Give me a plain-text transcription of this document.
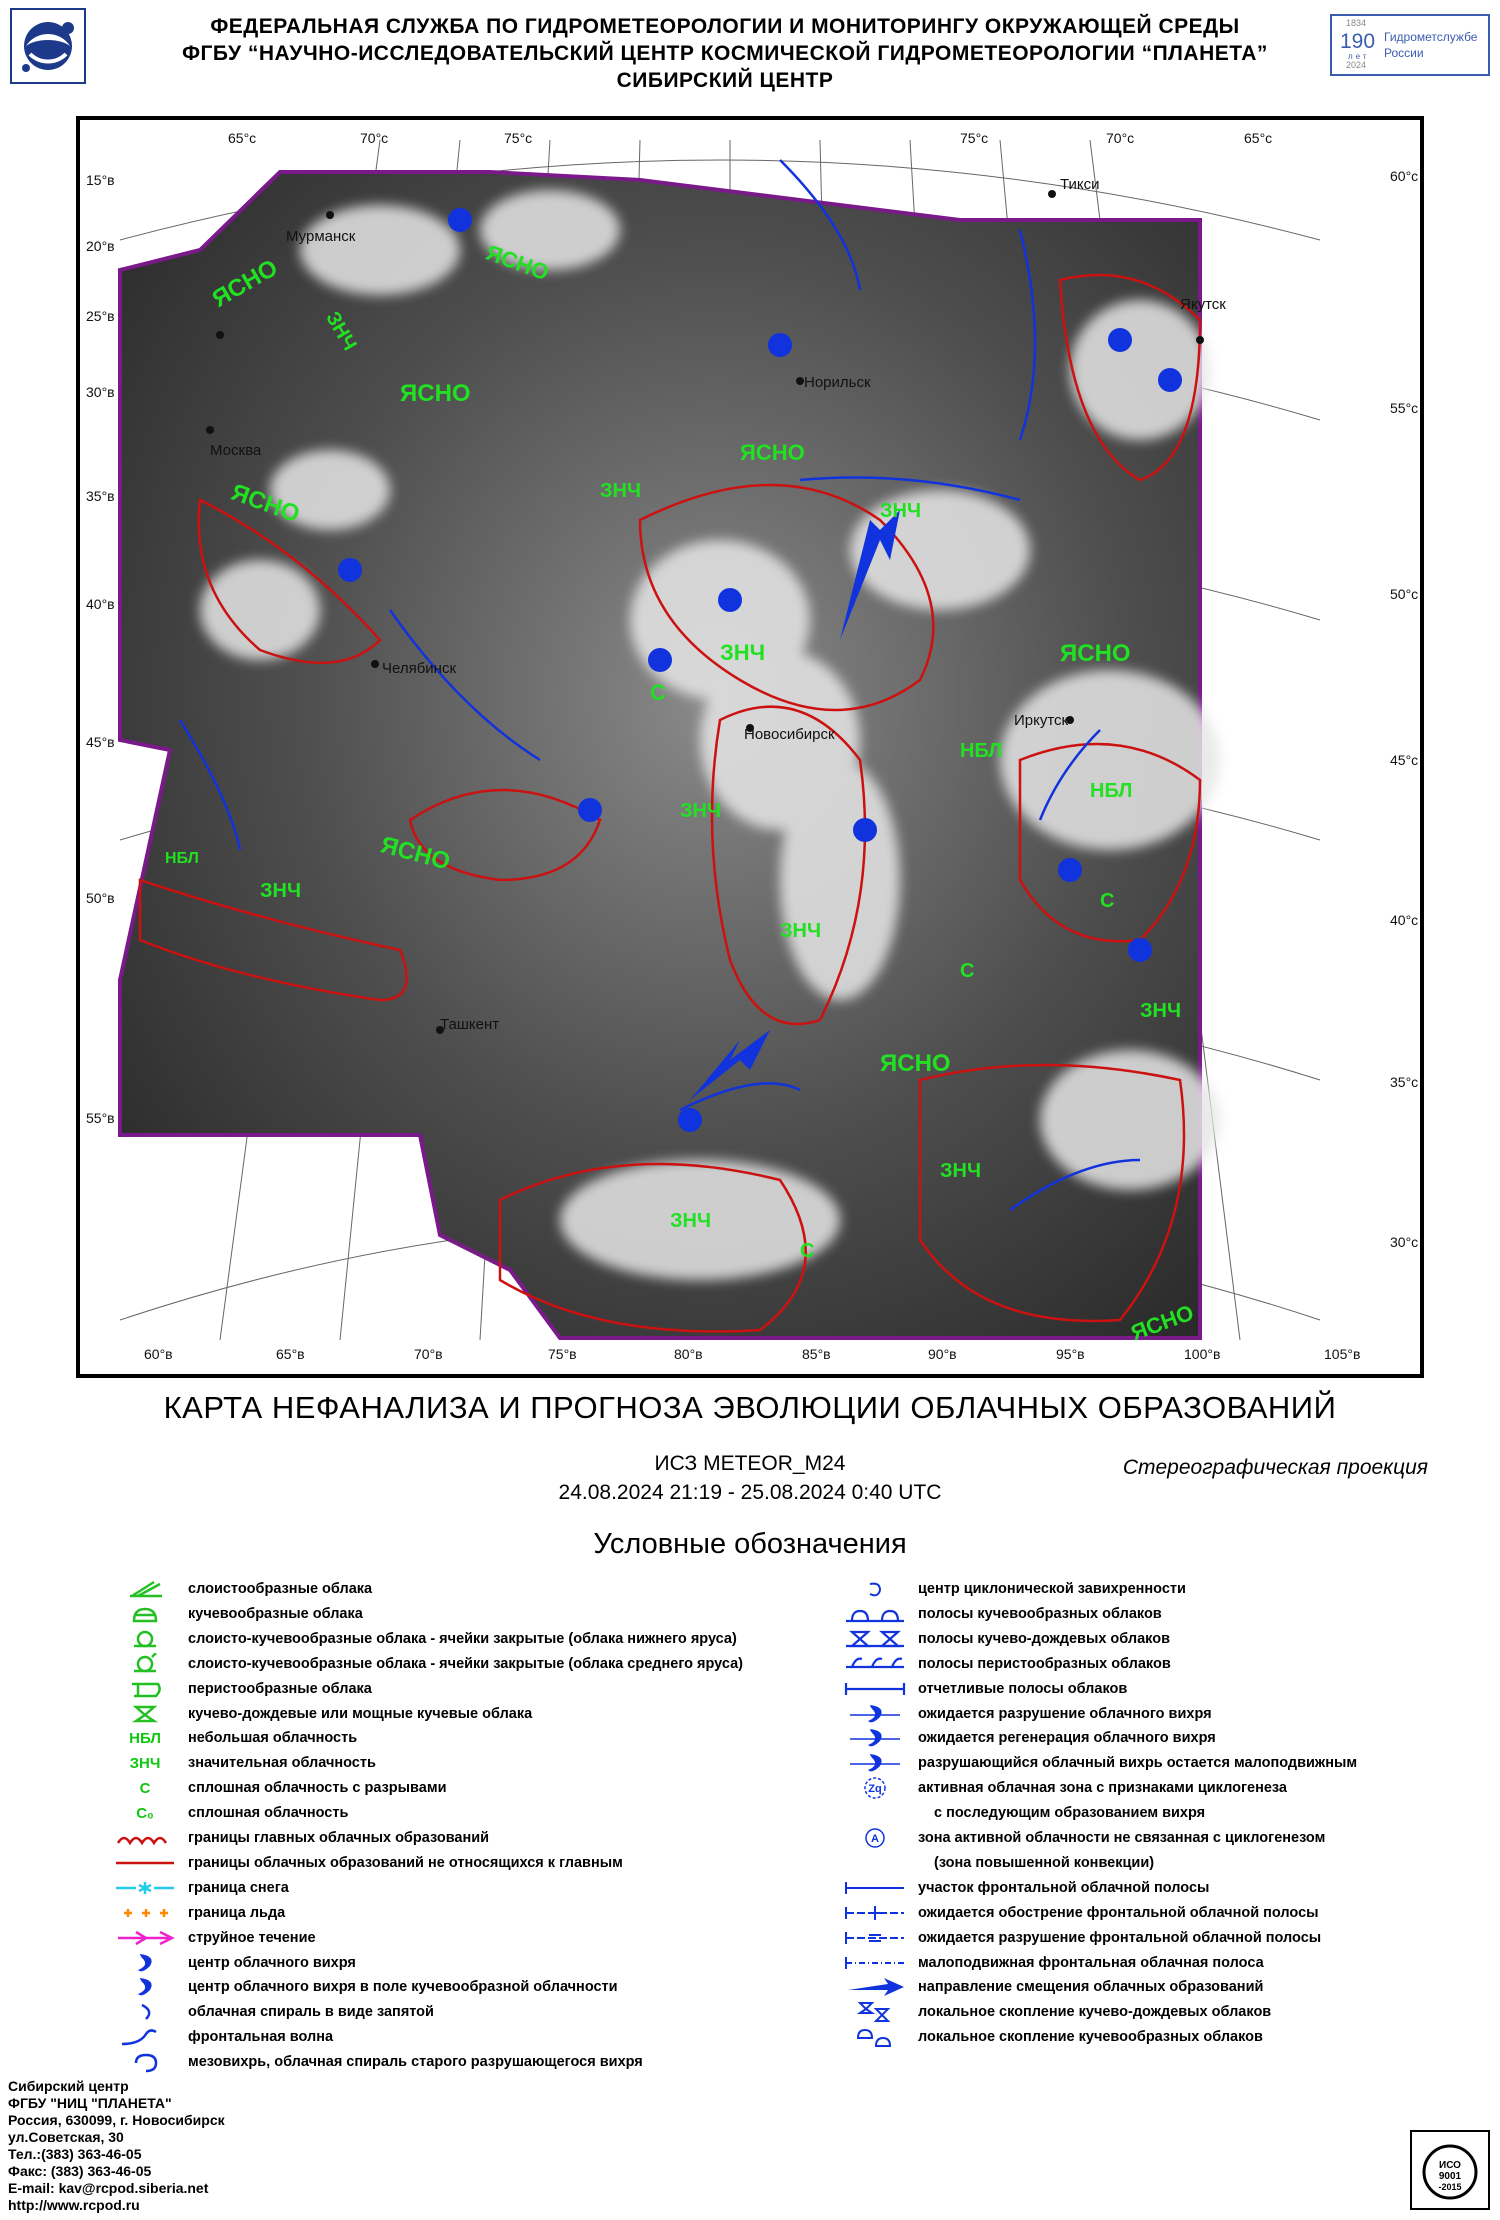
ФЕДЕРАЛЬНАЯ СЛУЖБА ПО ГИДРОМЕТЕОРОЛОГИИ И МОНИТОРИНГУ ОКРУЖАЮЩЕЙ СРЕДЫ
ФГБУ “НАУЧНО-ИССЛЕДОВАТЕЛЬСКИЙ ЦЕНТР КОСМИЧЕСКОЙ ГИДРОМЕТЕОРОЛОГИИ “ПЛАНЕТА”
СИБИРСКИЙ ЦЕНТР
1834
190
лет
2024
Гидрометслужбе
России
65°с	70°с	75°с	75°с	70°с	65°с
15°в
20°в
25°в
30°в
35°в
40°в
45°в
50°в
55°в
60°с
55°с
50°с
45°с
40°с
35°с
30°с
60°в	65°в	70°в	75°в	80°в	85°в	90°в	95°в	100°в	105°в
Мурманск
Москва
Челябинск
Новосибирск
Иркутск
Норильск
Якутск
Ташкент
Тикси
ЯСНО
ЯСНО
ЯСНО
ЯСНО
ЯСНО
ЯСНО
ЯСНО
ЯСНО
ЯСНО
ЗНЧ
ЗНЧ
ЗНЧ
ЗНЧ
ЗНЧ
ЗНЧ
ЗНЧ
ЗНЧ
ЗНЧ
ЗНЧ
НБЛ
НБЛ
НБЛ
С
С
С
С
КАРТА НЕФАНАЛИЗА И ПРОГНОЗА ЭВОЛЮЦИИ ОБЛАЧНЫХ ОБРАЗОВАНИЙ
ИСЗ METEOR_M24
24.08.2024 21:19 - 25.08.2024 0:40 UTC
Стереографическая проекция
Условные обозначения
слоистообразные облака
кучевообразные облака
слоисто-кучевообразные облака - ячейки закрытые (облака нижнего яруса)
слоисто-кучевообразные облака - ячейки закрытые (облака среднего яруса)
перистообразные облака
кучево-дождевые или мощные кучевые облака
НБЛ	небольшая облачность
ЗНЧ	значительная облачность
С	сплошная облачность с разрывами
С₀	сплошная облачность
границы главных облачных образований
границы облачных образований не относящихся к главным
граница снега
граница льда
струйное течение
центр облачного вихря
центр облачного вихря в поле кучевообразной облачности
облачная спираль в виде запятой
фронтальная волна
мезовихрь, облачная спираль старого разрушающегося вихря
центр циклонической завихренности
полосы кучевообразных облаков
полосы кучево-дождевых облаков
полосы перистообразных облаков
отчетливые полосы облаков
ожидается разрушение облачного вихря
ожидается регенерация облачного вихря
разрушающийся облачный вихрь остается малоподвижным
Zq	активная облачная зона с признаками циклогенеза
с последующим образованием вихря
A	зона активной облачности не связанная с циклогенезом
(зона повышенной конвекции)
участок фронтальной облачной полосы
ожидается обострение фронтальной облачной полосы
ожидается разрушение фронтальной облачной полосы
малоподвижная фронтальная облачная полоса
направление смещения облачных образований
локальное скопление кучево-дождевых облаков
локальное скопление кучевообразных облаков
Сибирский центр
ФГБУ "НИЦ "ПЛАНЕТА"
Россия, 630099, г. Новосибирск
ул.Советская, 30
Тел.:(383) 363-46-05
Факс: (383) 363-46-05
E-mail: kav@rcpod.siberia.net
http://www.rcpod.ru
ИСО
9001
-2015
